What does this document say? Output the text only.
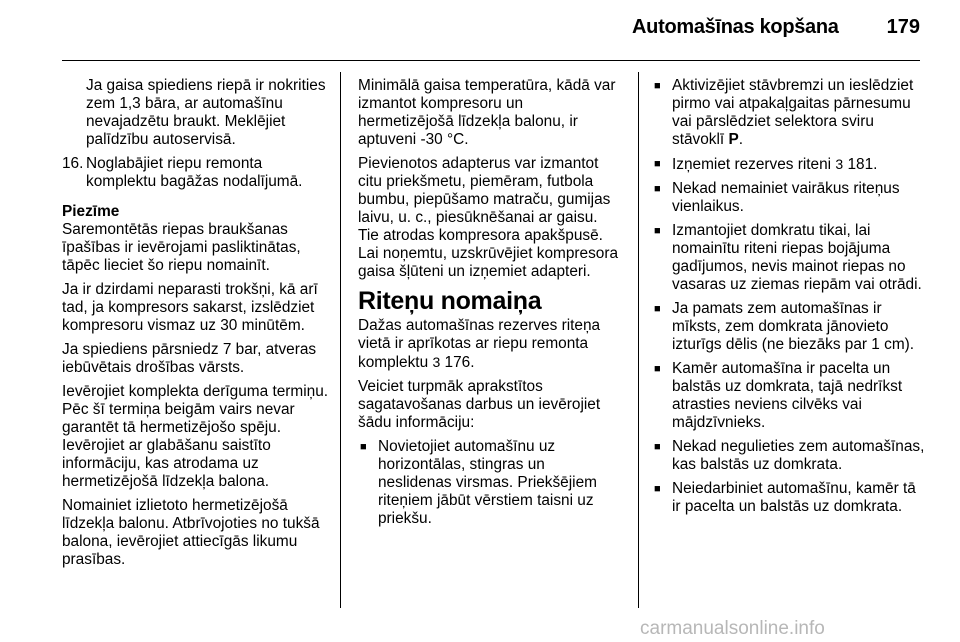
Automašīnas kopšana 179

Ja gaisa spiediens riepā ir nokrities zem 1,3 bāra, ar automašīnu nevajadzētu braukt. Meklējiet palīdzību autoservisā.

16. Noglabājiet riepu remonta komplektu bagāžas nodalījumā.

Piezīme

Saremontētās riepas braukšanas īpašības ir ievērojami pasliktinātas, tāpēc lieciet šo riepu nomainīt.

Ja ir dzirdami neparasti trokšņi, kā arī tad, ja kompresors sakarst, izslēdziet kompresoru vismaz uz 30 minūtēm.

Ja spiediens pārsniedz 7 bar, atveras iebūvētais drošības vārsts.

Ievērojiet komplekta derīguma termiņu. Pēc šī termiņa beigām vairs nevar garantēt tā hermetizējošo spēju. Ievērojiet ar glabāšanu saistīto informāciju, kas atrodama uz hermetizējošā līdzekļa balona.

Nomainiet izlietoto hermetizējošā līdzekļa balonu. Atbrīvojoties no tukšā balona, ievērojiet attiecīgās likumu prasības.

Minimālā gaisa temperatūra, kādā var izmantot kompresoru un hermetizējošā līdzekļa balonu, ir aptuveni -30 °C.

Pievienotos adapterus var izmantot citu priekšmetu, piemēram, futbola bumbu, piepūšamo matraču, gumijas laivu, u. c., piesūknēšanai ar gaisu. Tie atrodas kompresora apakšpusē. Lai noņemtu, uzskrūvējiet kompresora gaisa šļūteni un izņemiet adapteri.

Riteņu nomaiņa

Dažas automašīnas rezerves riteņa vietā ir aprīkotas ar riepu remonta komplektu 3 176.

Veiciet turpmāk aprakstītos sagatavošanas darbus un ievērojiet šādu informāciju:

■ Novietojiet automašīnu uz horizontālas, stingras un neslidenas virsmas. Priekšējiem riteņiem jābūt vērstiem taisni uz priekšu.
■ Aktivizējiet stāvbremzi un ieslēdziet pirmo vai atpakaļgaitas pārnesumu vai pārslēdziet selektora sviru stāvoklī P.
■ Izņemiet rezerves riteni 3 181.
■ Nekad nemainiet vairākus riteņus vienlaikus.
■ Izmantojiet domkratu tikai, lai nomainītu riteni riepas bojājuma gadījumos, nevis mainot riepas no vasaras uz ziemas riepām vai otrādi.
■ Ja pamats zem automašīnas ir mīksts, zem domkrata jānovieto izturīgs dēlis (ne biezāks par 1 cm).
■ Kamēr automašīna ir pacelta un balstās uz domkrata, tajā nedrīkst atrasties neviens cilvēks vai mājdzīvnieks.
■ Nekad negulieties zem automašīnas, kas balstās uz domkrata.
■ Neiedarbiniet automašīnu, kamēr tā ir pacelta un balstās uz domkrata.
carmanualsonline.info
